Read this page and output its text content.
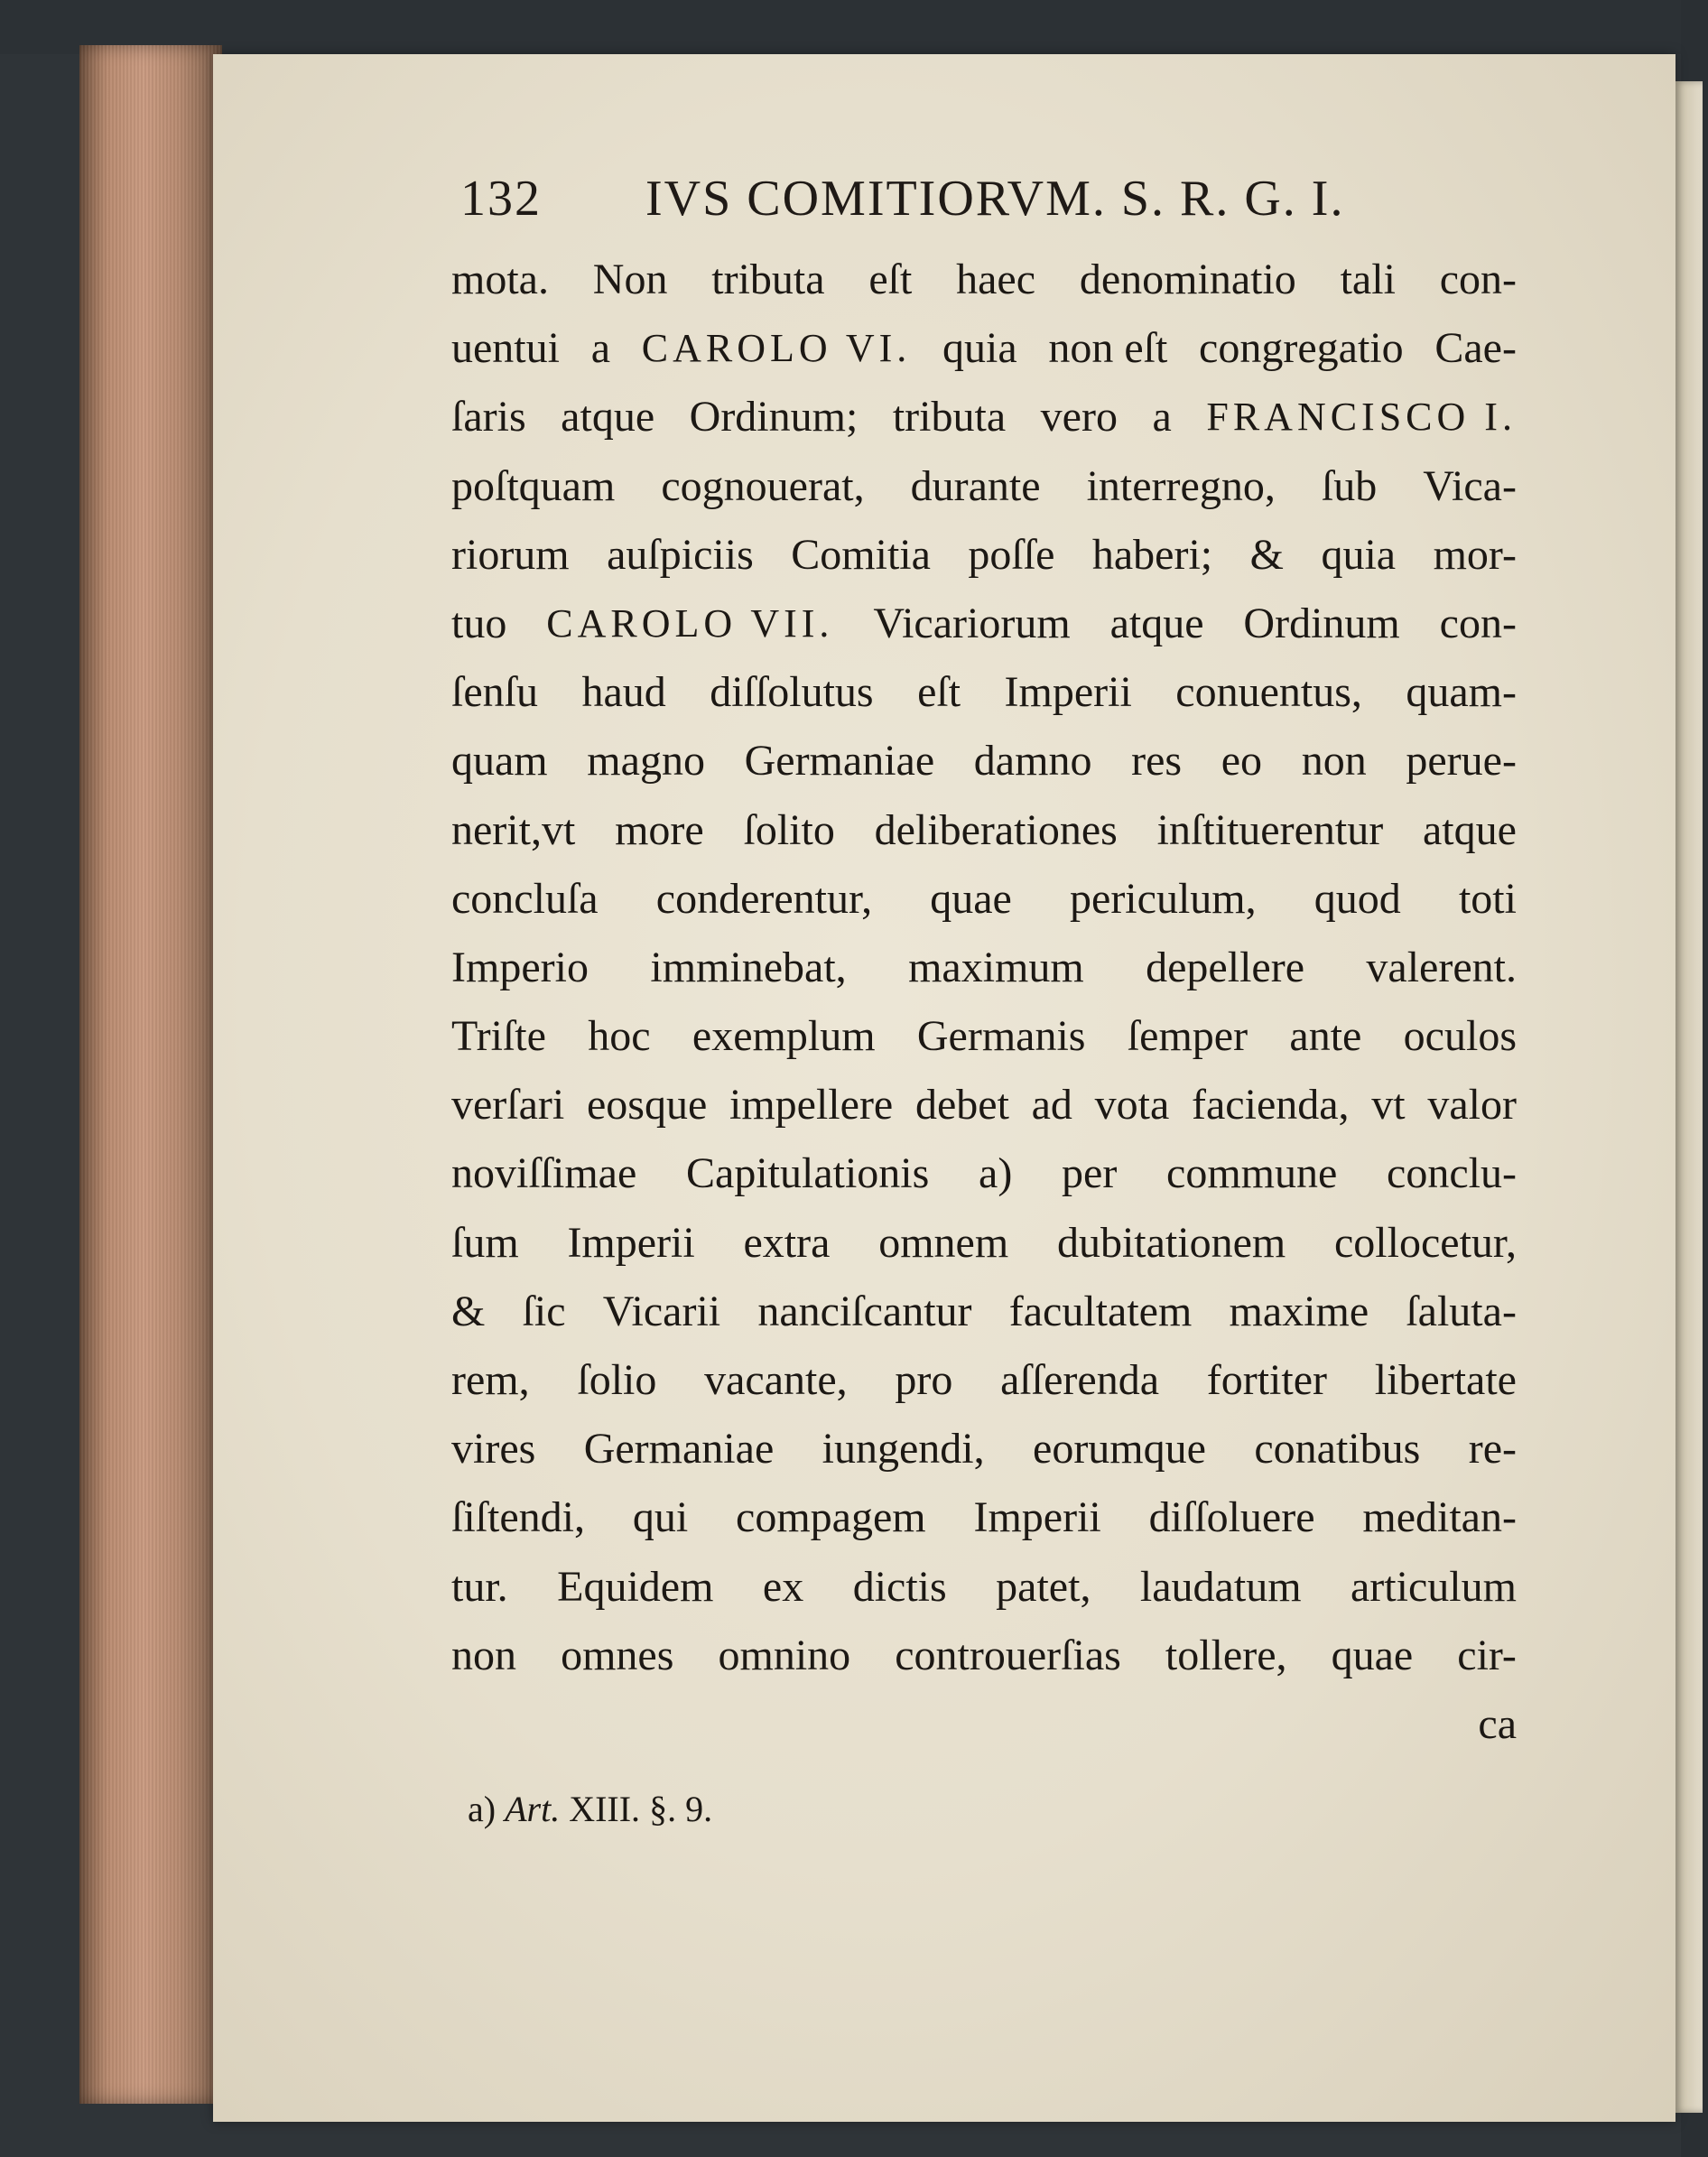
132 IVS COMITIORVM. S. R. G. I.
mota. Non tributa eſt haec denominatio tali con-
uentui a CAROLO VI. quia non eſt congregatio Cae-
ſaris atque Ordinum; tributa vero a FRANCISCO I.
poſtquam cognouerat, durante interregno, ſub Vica-
riorum auſpiciis Comitia poſſe haberi; & quia mor-
tuo CAROLO VII. Vicariorum atque Ordinum con-
ſenſu haud diſſolutus eſt Imperii conuentus, quam-
quam magno Germaniae damno res eo non perue-
nerit,vt more ſolito deliberationes inſtituerentur atque
concluſa conderentur, quae periculum, quod toti
Imperio imminebat, maximum depellere valerent.
Triſte hoc exemplum Germanis ſemper ante oculos
verſari eosque impellere debet ad vota facienda, vt valor
noviſſimae Capitulationis a) per commune conclu-
ſum Imperii extra omnem dubitationem collocetur,
& ſic Vicarii nanciſcantur facultatem maxime ſaluta-
rem, ſolio vacante, pro aſſerenda fortiter libertate
vires Germaniae iungendi, eorumque conatibus re-
ſiſtendi, qui compagem Imperii diſſoluere meditan-
tur. Equidem ex dictis patet, laudatum articulum
non omnes omnino controuerſias tollere, quae cir-
ca
a) Art. XIII. §. 9.
